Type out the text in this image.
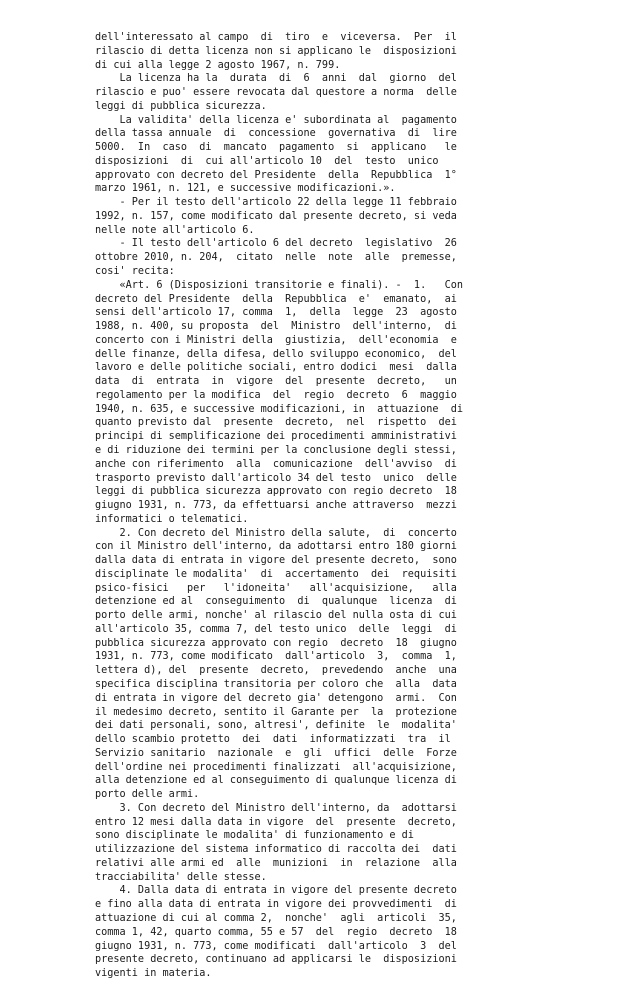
dell'interessato al campo  di  tiro  e  viceversa.  Per  il
rilascio di detta licenza non si applicano le  disposizioni
di cui alla legge 2 agosto 1967, n. 799.
La licenza ha la  durata  di  6  anni  dal  giorno  del
rilascio e puo' essere revocata dal questore a norma  delle
leggi di pubblica sicurezza.
La validita' della licenza e' subordinata al  pagamento
della tassa annuale  di  concessione  governativa  di  lire
5000.  In  caso  di  mancato  pagamento  si  applicano   le
disposizioni  di  cui all'articolo 10  del  testo  unico
approvato con decreto del Presidente  della  Repubblica  1°
marzo 1961, n. 121, e successive modificazioni.».
- Per il testo dell'articolo 22 della legge 11 febbraio
1992, n. 157, come modificato dal presente decreto, si veda
nelle note all'articolo 6.
- Il testo dell'articolo 6 del decreto  legislativo  26
ottobre 2010, n. 204,  citato  nelle  note  alle  premesse,
cosi' recita:
«Art. 6 (Disposizioni transitorie e finali). -  1.   Con
decreto del Presidente  della  Repubblica  e'  emanato,  ai
sensi dell'articolo 17, comma  1,  della  legge  23  agosto
1988, n. 400, su proposta  del  Ministro  dell'interno,  di
concerto con i Ministri della  giustizia,  dell'economia  e
delle finanze, della difesa, dello sviluppo economico,  del
lavoro e delle politiche sociali, entro dodici  mesi  dalla
data  di  entrata  in  vigore  del  presente  decreto,   un
regolamento per la modifica  del  regio  decreto  6  maggio
1940, n. 635, e successive modificazioni, in  attuazione  di
quanto previsto dal  presente  decreto,  nel  rispetto  dei
principi di semplificazione dei procedimenti amministrativi
e di riduzione dei termini per la conclusione degli stessi,
anche con riferimento  alla  comunicazione  dell'avviso  di
trasporto previsto dall'articolo 34 del testo  unico  delle
leggi di pubblica sicurezza approvato con regio decreto  18
giugno 1931, n. 773, da effettuarsi anche attraverso  mezzi
informatici o telematici.
2. Con decreto del Ministro della salute,  di  concerto
con il Ministro dell'interno, da adottarsi entro 180 giorni
dalla data di entrata in vigore del presente decreto,  sono
disciplinate le modalita'  di  accertamento  dei  requisiti
psico-fisici   per   l'idoneita'   all'acquisizione,   alla
detenzione ed al  conseguimento  di  qualunque  licenza  di
porto delle armi, nonche' al rilascio del nulla osta di cui
all'articolo 35, comma 7, del testo unico  delle  leggi  di
pubblica sicurezza approvato con regio  decreto  18  giugno
1931, n. 773, come modificato  dall'articolo  3,  comma  1,
lettera d), del  presente  decreto,  prevedendo  anche  una
specifica disciplina transitoria per coloro che  alla  data
di entrata in vigore del decreto gia' detengono  armi.  Con
il medesimo decreto, sentito il Garante per  la  protezione
dei dati personali, sono, altresi', definite  le  modalita'
dello scambio protetto  dei  dati  informatizzati  tra  il
Servizio sanitario  nazionale  e  gli  uffici  delle  Forze
dell'ordine nei procedimenti finalizzati  all'acquisizione,
alla detenzione ed al conseguimento di qualunque licenza di
porto delle armi.
3. Con decreto del Ministro dell'interno, da  adottarsi
entro 12 mesi dalla data in vigore  del  presente  decreto,
sono disciplinate le modalita' di funzionamento e di
utilizzazione del sistema informatico di raccolta dei  dati
relativi alle armi ed  alle  munizioni  in  relazione  alla
tracciabilita' delle stesse.
4. Dalla data di entrata in vigore del presente decreto
e fino alla data di entrata in vigore dei provvedimenti  di
attuazione di cui al comma 2,  nonche'  agli  articoli  35,
comma 1, 42, quarto comma, 55 e 57  del  regio  decreto  18
giugno 1931, n. 773, come modificati  dall'articolo  3  del
presente decreto, continuano ad applicarsi le  disposizioni
vigenti in materia.
